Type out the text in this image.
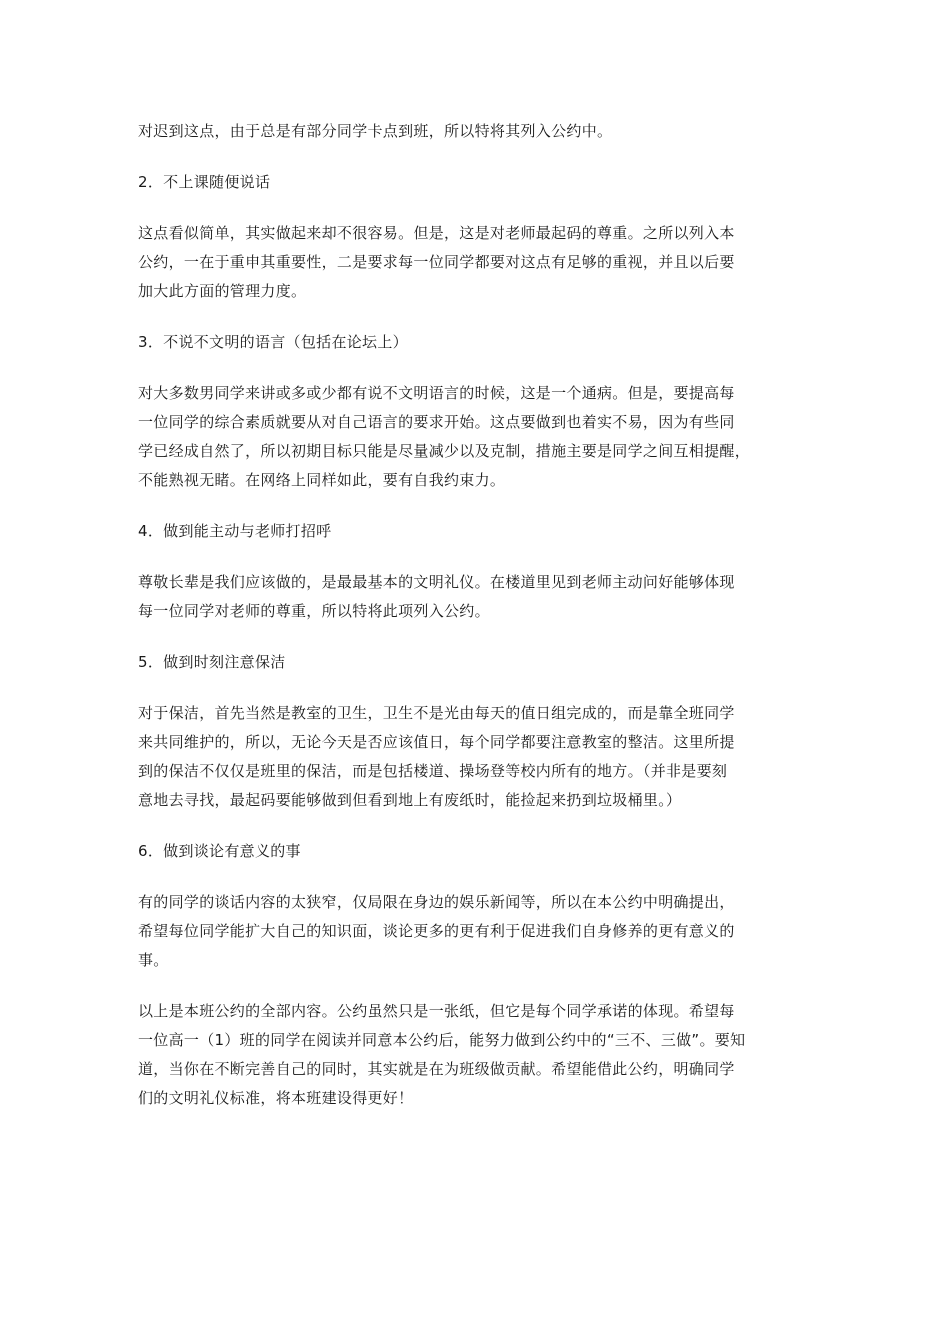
对迟到这点，由于总是有部分同学卡点到班，所以特将其列入公约中。

2．不上课随便说话

这点看似简单，其实做起来却不很容易。但是，这是对老师最起码的尊重。之所以列入本
公约，一在于重申其重要性，二是要求每一位同学都要对这点有足够的重视，并且以后要
加大此方面的管理力度。

3．不说不文明的语言（包括在论坛上）

对大多数男同学来讲或多或少都有说不文明语言的时候，这是一个通病。但是，要提高每
一位同学的综合素质就要从对自己语言的要求开始。这点要做到也着实不易，因为有些同
学已经成自然了，所以初期目标只能是尽量减少以及克制，措施主要是同学之间互相提醒，
不能熟视无睹。在网络上同样如此，要有自我约束力。

4．做到能主动与老师打招呼

尊敬长辈是我们应该做的，是最最基本的文明礼仪。在楼道里见到老师主动问好能够体现
每一位同学对老师的尊重，所以特将此项列入公约。

5．做到时刻注意保洁

对于保洁，首先当然是教室的卫生，卫生不是光由每天的值日组完成的，而是靠全班同学
来共同维护的，所以，无论今天是否应该值日，每个同学都要注意教室的整洁。这里所提
到的保洁不仅仅是班里的保洁，而是包括楼道、操场登等校内所有的地方。（并非是要刻
意地去寻找，最起码要能够做到但看到地上有废纸时，能捡起来扔到垃圾桶里。）

6．做到谈论有意义的事

有的同学的谈话内容的太狭窄，仅局限在身边的娱乐新闻等，所以在本公约中明确提出，
希望每位同学能扩大自己的知识面，谈论更多的更有利于促进我们自身修养的更有意义的
事。

以上是本班公约的全部内容。公约虽然只是一张纸，但它是每个同学承诺的体现。希望每
一位高一（1）班的同学在阅读并同意本公约后，能努力做到公约中的“三不、三做”。要知
道，当你在不断完善自己的同时，其实就是在为班级做贡献。希望能借此公约，明确同学
们的文明礼仪标准，将本班建设得更好！
